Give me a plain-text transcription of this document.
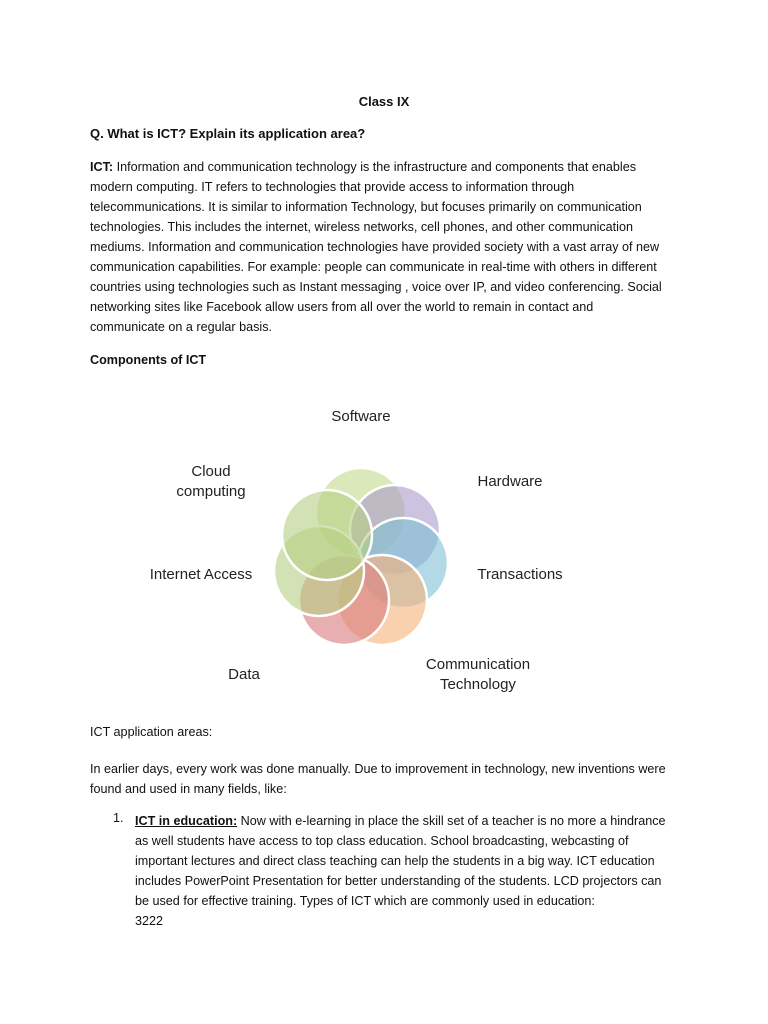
Class IX
Q. What is ICT? Explain its application area?
ICT: Information and communication technology is the infrastructure and components that enables
modern computing. IT refers to technologies that provide access to information through
telecommunications. It is similar to information Technology, but focuses primarily on communication
technologies. This includes the internet, wireless networks, cell phones, and other communication
mediums. Information and communication technologies have provided society with a vast array of new
communication capabilities. For example: people can communicate in real-time with others in different
countries using technologies such as Instant messaging , voice over IP, and video conferencing. Social
networking sites like Facebook allow users from all over the world to remain in contact and
communicate on a regular basis.
Components of ICT
Software
Hardware
Transactions
Communication
Technology
Data
Internet Access
Cloud
computing
ICT application areas:
In earlier days, every work was done manually. Due to improvement in technology, new inventions were
found and used in many fields, like:
1. ICT in education: Now with e-learning in place the skill set of a teacher is no more a hindrance
as well students have access to top class education. School broadcasting, webcasting of
important lectures and direct class teaching can help the students in a big way. ICT education
includes PowerPoint Presentation for better understanding of the students. LCD projectors can
be used for effective training. Types of ICT which are commonly used in education:
3222
